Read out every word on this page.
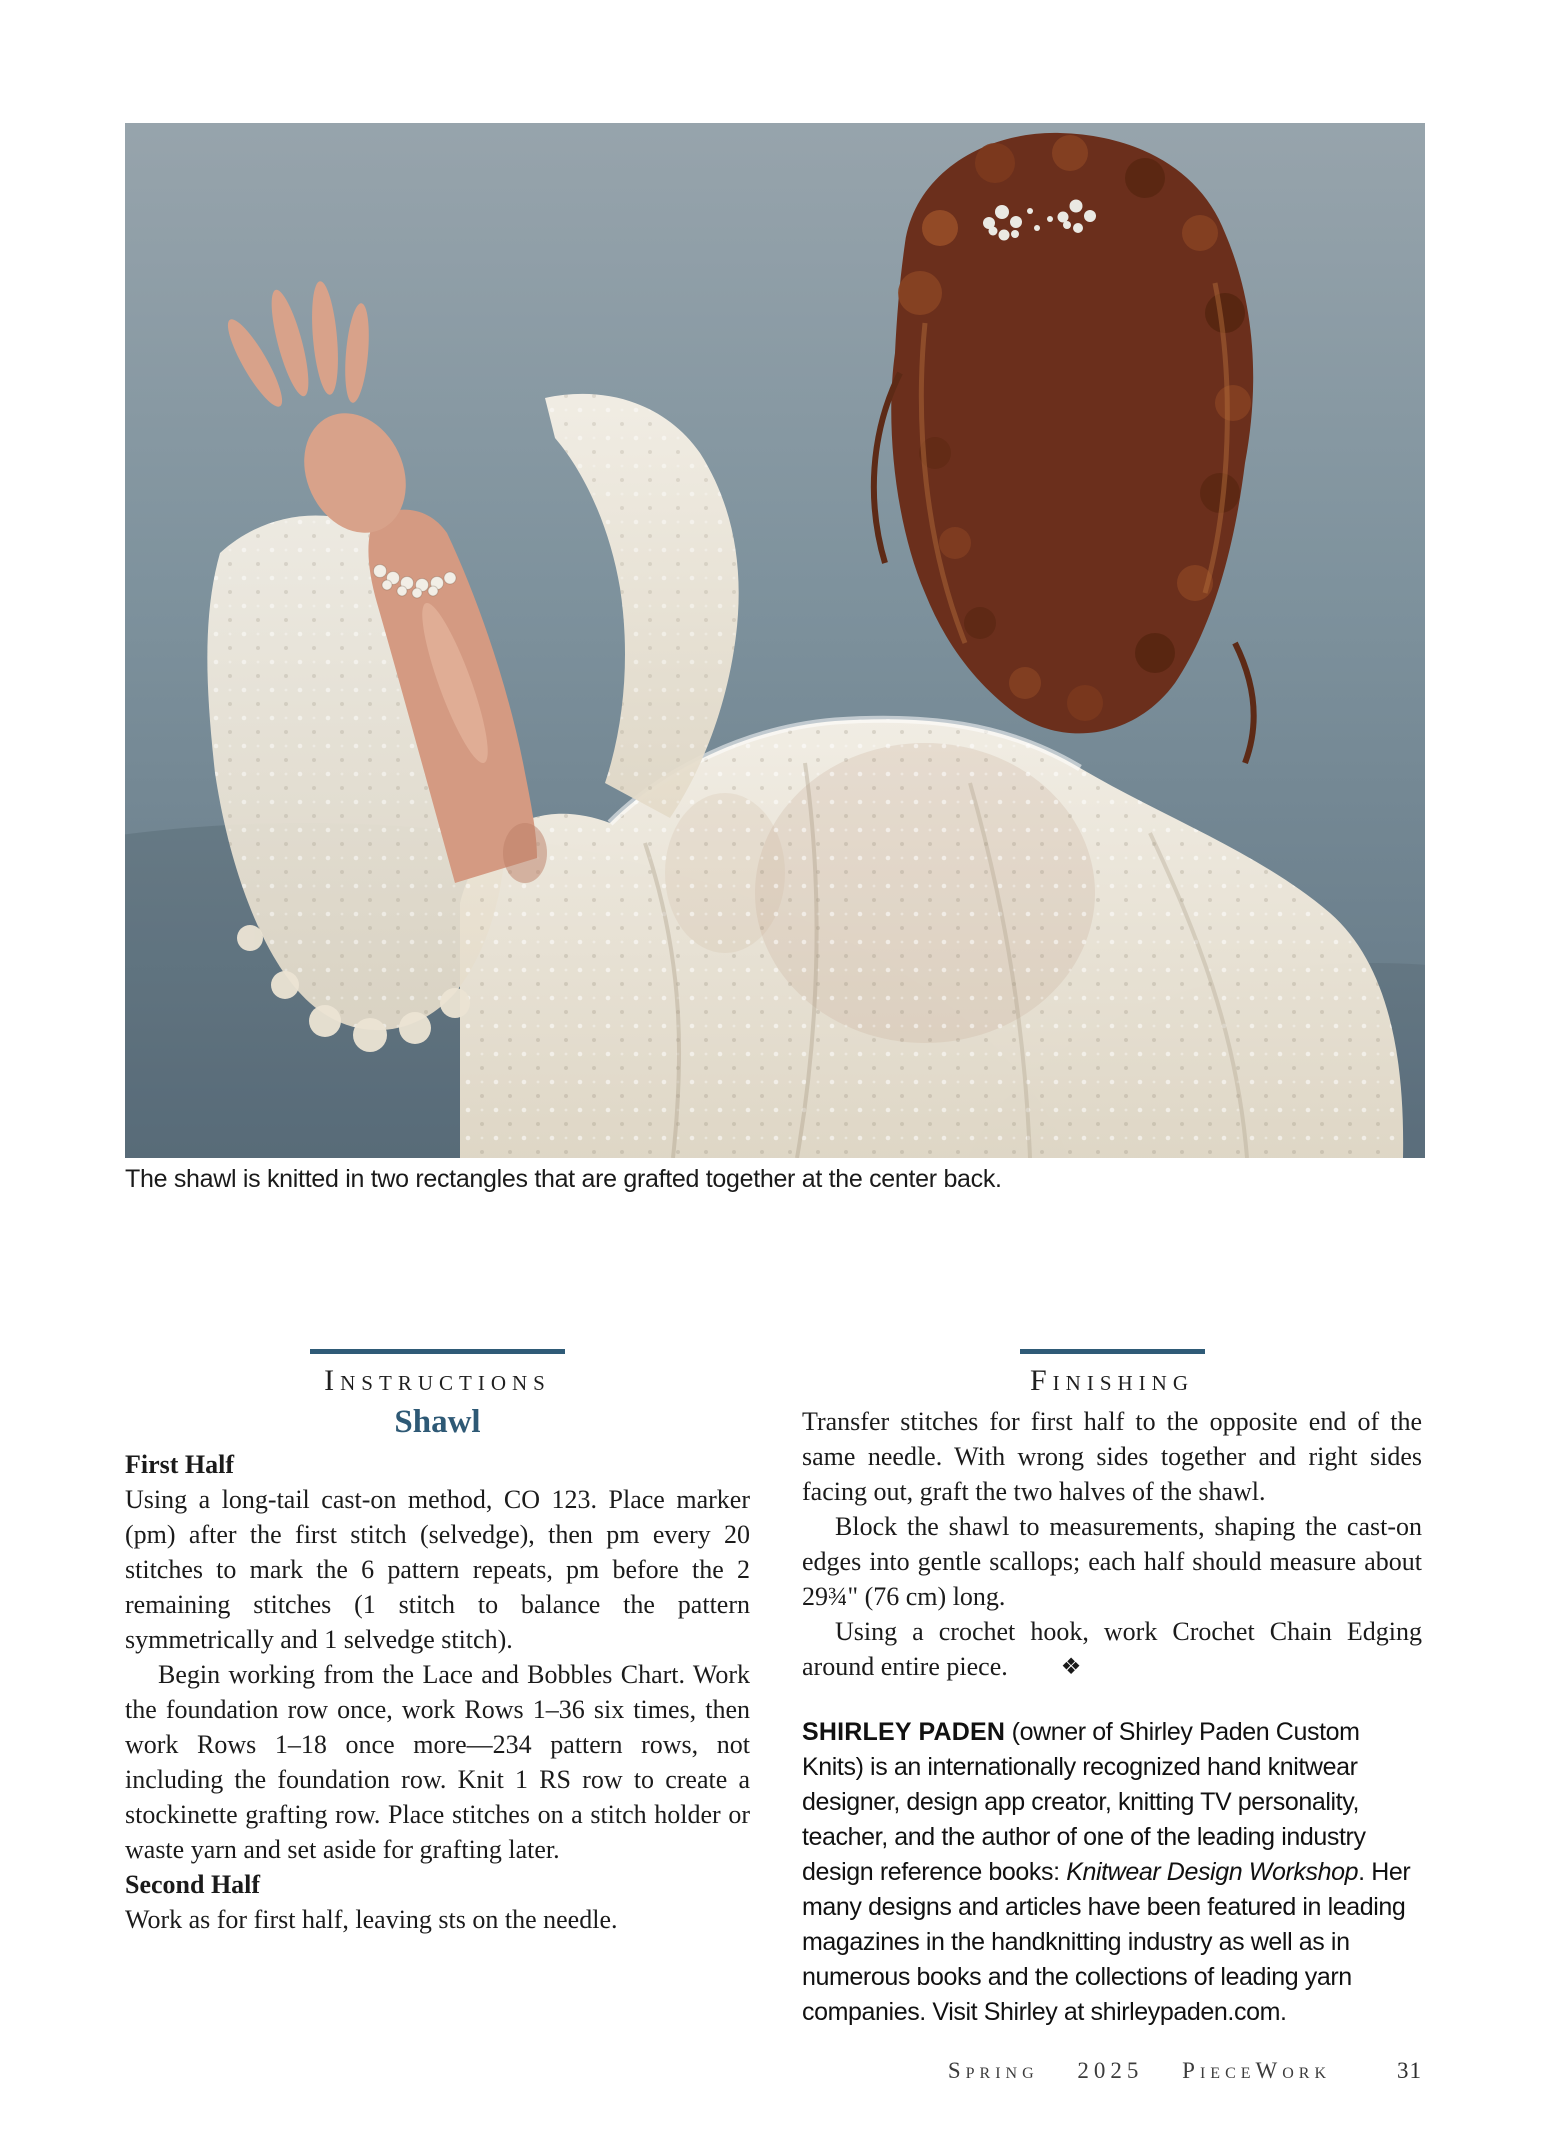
The shawl is knitted in two rectangles that are grafted together at the center back.

Instructions
Shawl
First Half

Using a long-tail cast-on method, CO 123. Place marker (pm) after the first stitch (selvedge), then pm every 20 stitches to mark the 6 pattern repeats, pm before the 2 remaining stitches (1 stitch to balance the pattern symmetrically and 1 selvedge stitch).

Begin working from the Lace and Bobbles Chart. Work the foundation row once, work Rows 1–36 six times, then work Rows 1–18 once more—234 pattern rows, not including the foundation row. Knit 1 RS row to create a stockinette grafting row. Place stitches on a stitch holder or waste yarn and set aside for grafting later.

Second Half

Work as for first half, leaving sts on the needle.

Finishing

Transfer stitches for first half to the opposite end of the same needle. With wrong sides together and right sides facing out, graft the two halves of the shawl.

Block the shawl to measurements, shaping the cast-on edges into gentle scallops; each half should measure about 29¾" (76 cm) long.

Using a crochet hook, work Crochet Chain Edging around entire piece. ❖

SHIRLEY PADEN (owner of Shirley Paden Custom Knits) is an internationally recognized hand knitwear designer, design app creator, knitting TV personality, teacher, and the author of one of the leading industry design reference books: Knitwear Design Workshop. Her many designs and articles have been featured in leading magazines in the handknitting industry as well as in numerous books and the collections of leading yarn companies. Visit Shirley at shirleypaden.com.

Spring 2025 PieceWork	31
